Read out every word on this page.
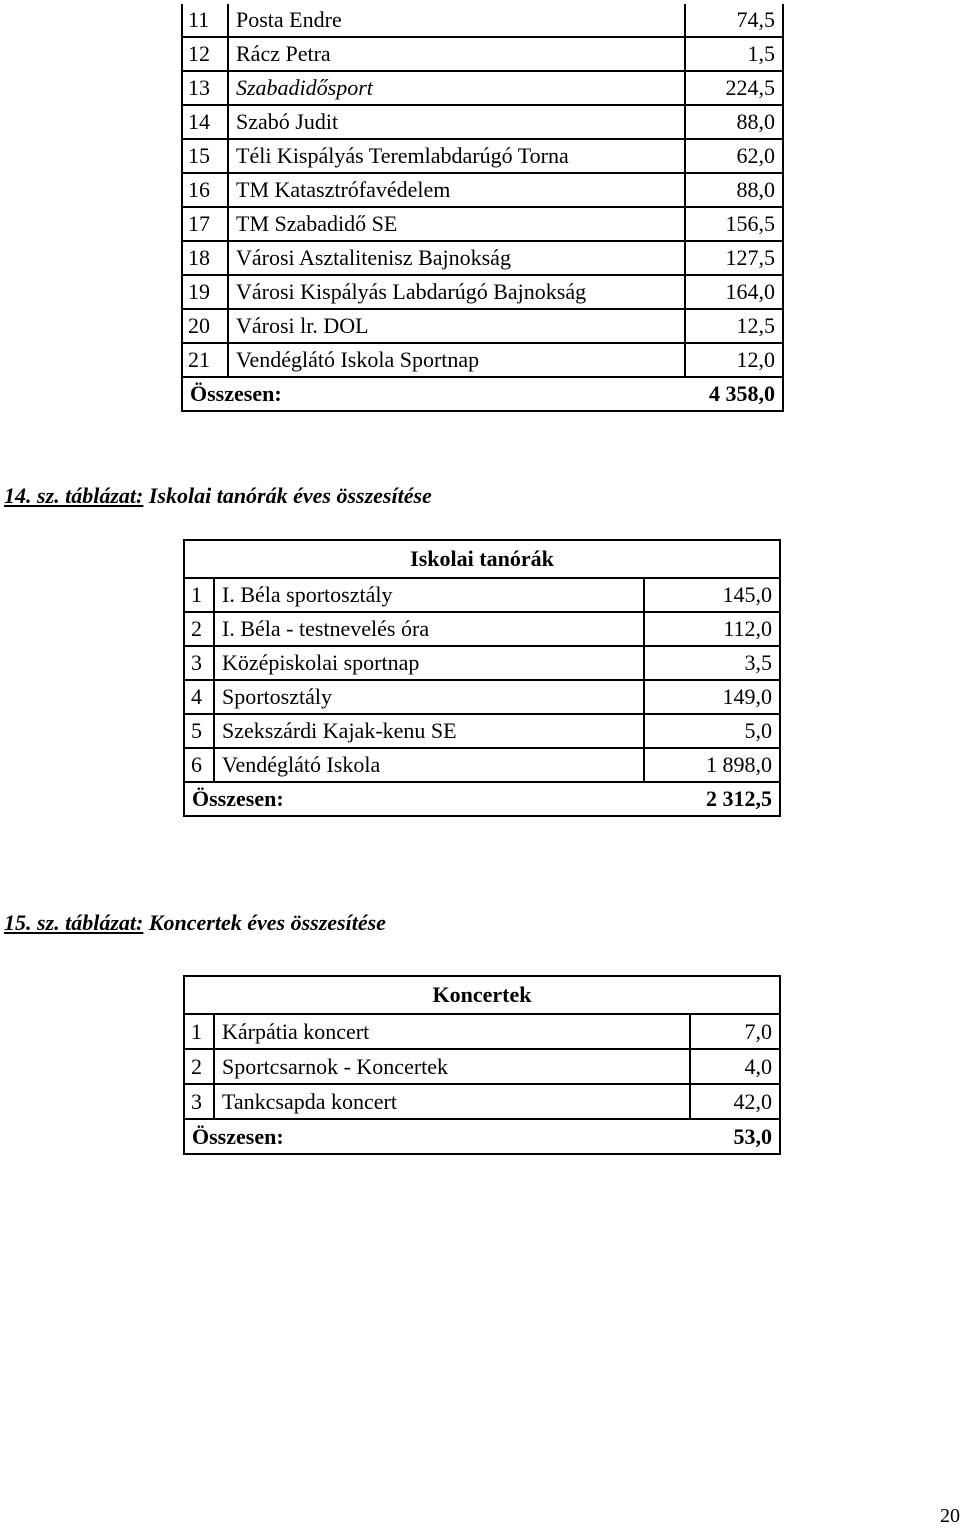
11	Posta Endre	74,5
12	Rácz Petra	1,5
13	Szabadidősport	224,5
14	Szabó Judit	88,0
15	Téli Kispályás Teremlabdarúgó Torna	62,0
16	TM Katasztrófavédelem	88,0
17	TM Szabadidő SE	156,5
18	Városi Asztalitenisz Bajnokság	127,5
19	Városi Kispályás Labdarúgó Bajnokság	164,0
20	Városi lr. DOL	12,5
21	Vendéglátó Iskola Sportnap	12,0
Összesen:		4 358,0
14. sz. táblázat: Iskolai tanórák éves összesítése
Iskolai tanórák		
1	I. Béla sportosztály	145,0
2	I. Béla - testnevelés óra	112,0
3	Középiskolai sportnap	3,5
4	Sportosztály	149,0
5	Szekszárdi Kajak-kenu SE	5,0
6	Vendéglátó Iskola	1 898,0
Összesen:		2 312,5
15. sz. táblázat: Koncertek éves összesítése
Koncertek		
1	Kárpátia koncert	7,0
2	Sportcsarnok - Koncertek	4,0
3	Tankcsapda koncert	42,0
Összesen:		53,0
20
